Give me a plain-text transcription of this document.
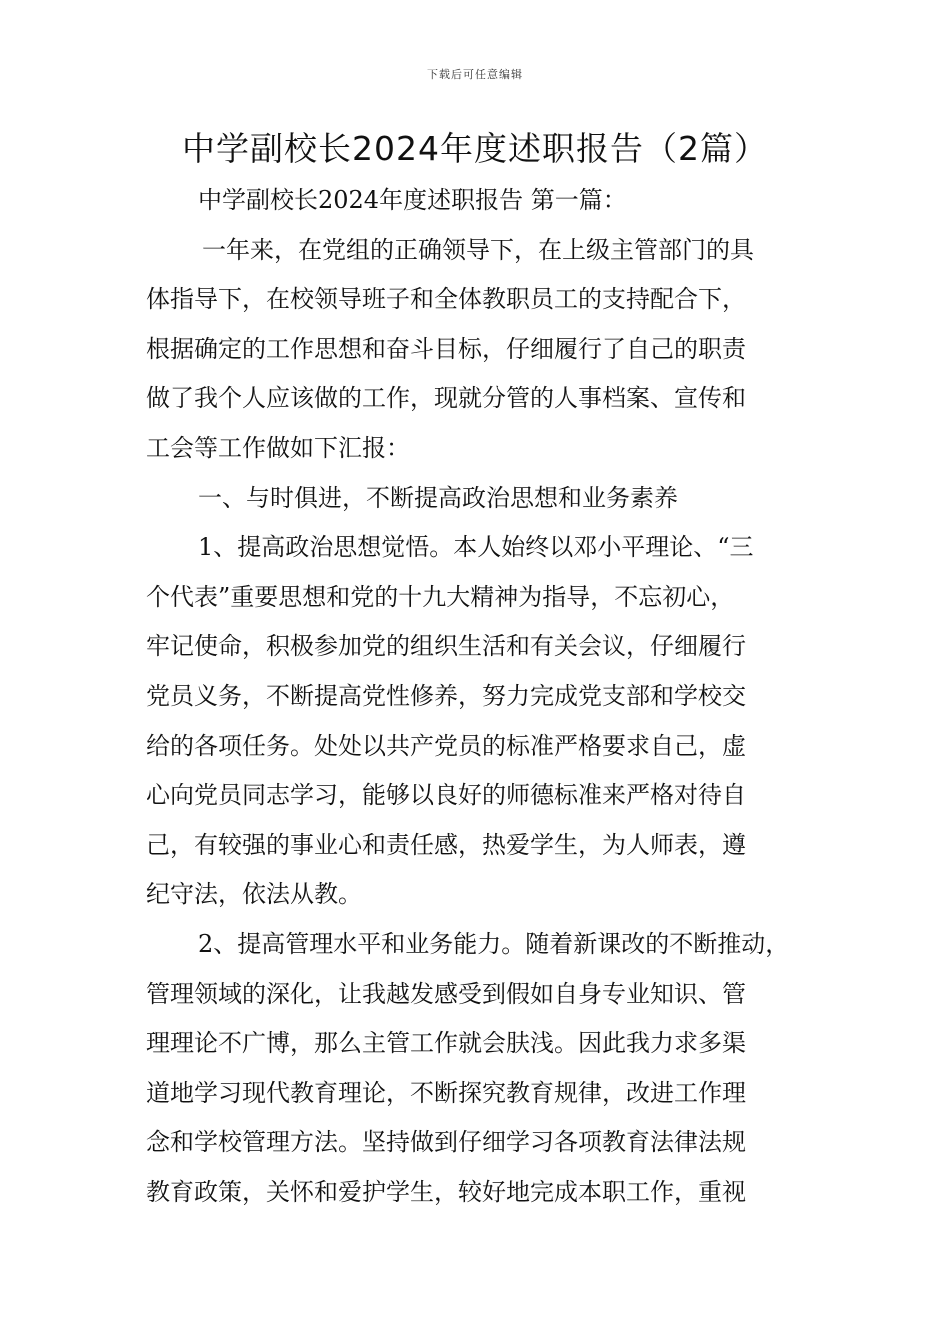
下载后可任意编辑
中学副校长2024年度述职报告（2篇）
中学副校长2024年度述职报告 第一篇：
一年来，在党组的正确领导下，在上级主管部门的具
体指导下，在校领导班子和全体教职员工的支持配合下，
根据确定的工作思想和奋斗目标，仔细履行了自己的职责
做了我个人应该做的工作，现就分管的人事档案、宣传和
工会等工作做如下汇报：
一、与时俱进，不断提高政治思想和业务素养
1、提高政治思想觉悟。本人始终以邓小平理论、“三
个代表”重要思想和党的十九大精神为指导，不忘初心，
牢记使命，积极参加党的组织生活和有关会议，仔细履行
党员义务，不断提高党性修养，努力完成党支部和学校交
给的各项任务。处处以共产党员的标准严格要求自己，虚
心向党员同志学习，能够以良好的师德标准来严格对待自
己，有较强的事业心和责任感，热爱学生，为人师表，遵
纪守法，依法从教。
2、提高管理水平和业务能力。随着新课改的不断推动，
管理领域的深化，让我越发感受到假如自身专业知识、管
理理论不广博，那么主管工作就会肤浅。因此我力求多渠
道地学习现代教育理论，不断探究教育规律，改进工作理
念和学校管理方法。坚持做到仔细学习各项教育法律法规
教育政策，关怀和爱护学生，较好地完成本职工作，重视
